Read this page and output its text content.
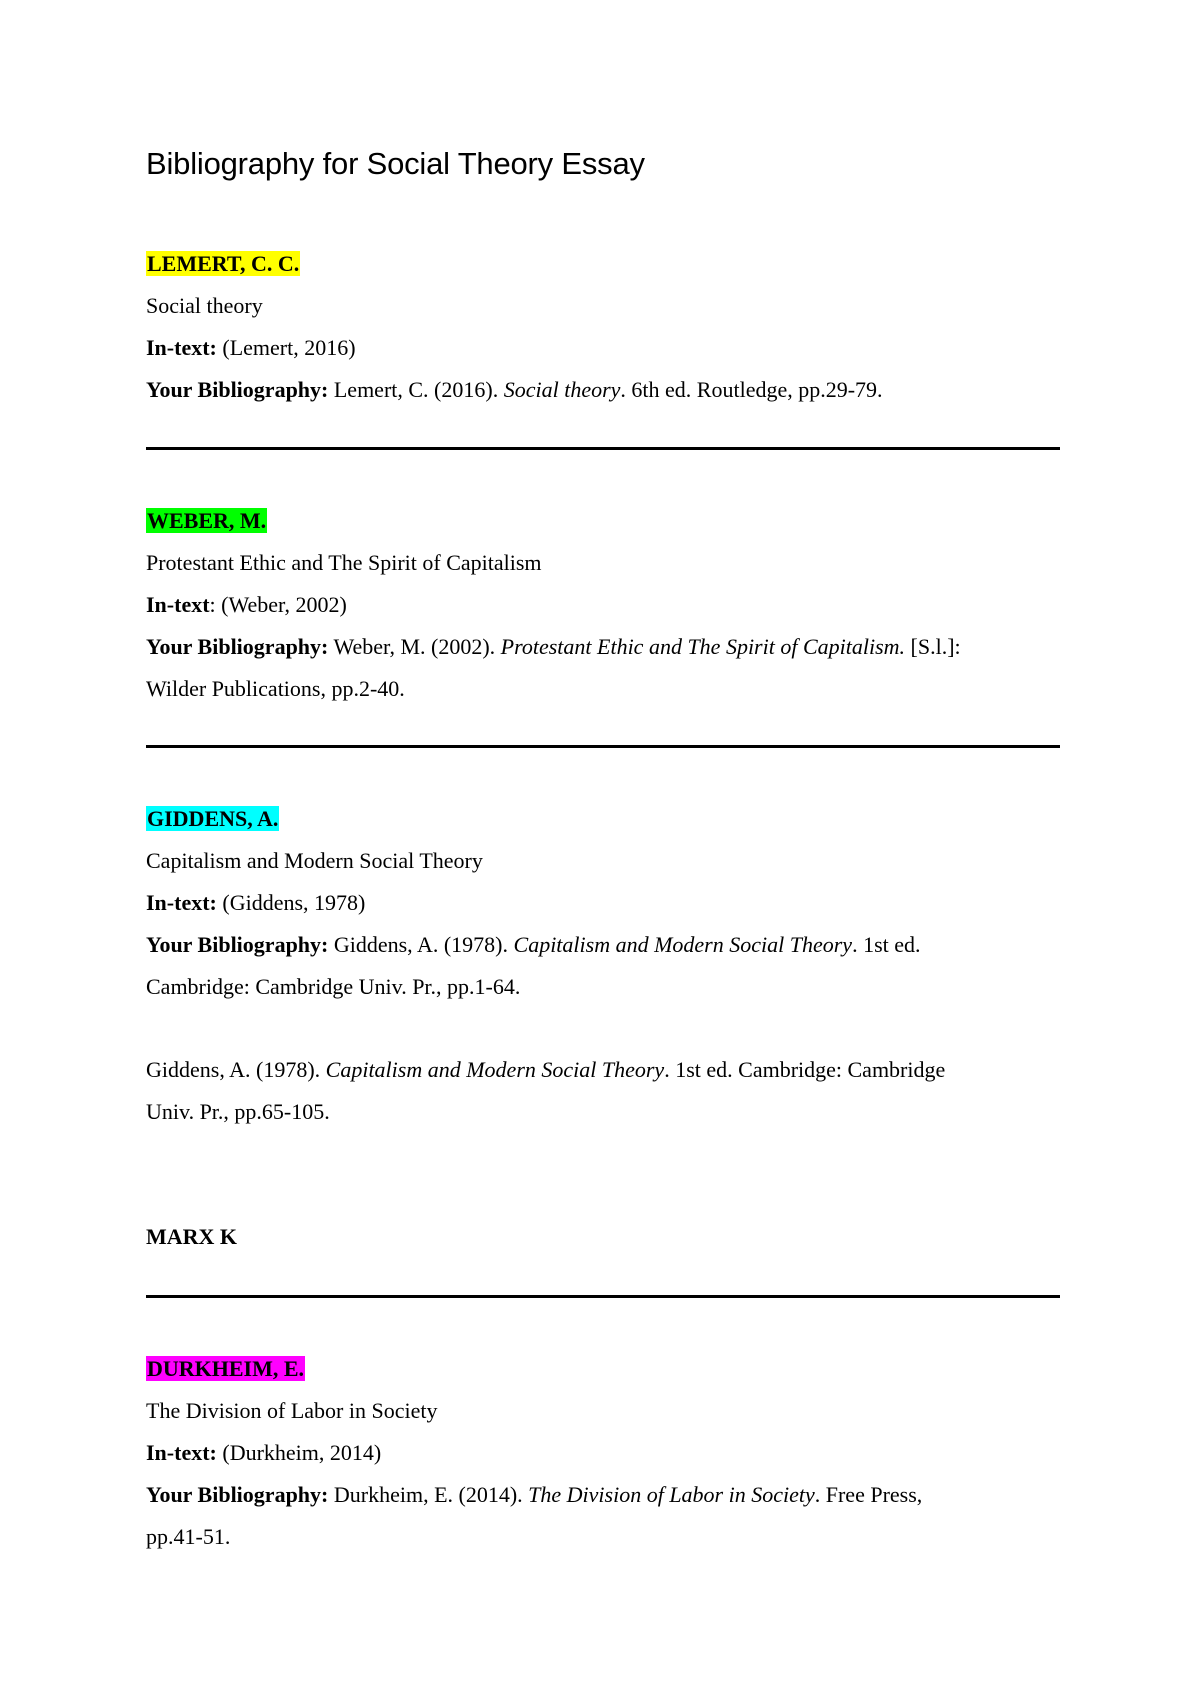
Bibliography for Social Theory Essay
LEMERT, C. C.
Social theory
In-text: (Lemert, 2016)
Your Bibliography: Lemert, C. (2016). Social theory. 6th ed. Routledge, pp.29-79.
WEBER, M.
Protestant Ethic and The Spirit of Capitalism
In-text: (Weber, 2002)
Your Bibliography: Weber, M. (2002). Protestant Ethic and The Spirit of Capitalism. [S.l.]:
Wilder Publications, pp.2-40.
GIDDENS, A.
Capitalism and Modern Social Theory
In-text: (Giddens, 1978)
Your Bibliography: Giddens, A. (1978). Capitalism and Modern Social Theory. 1st ed.
Cambridge: Cambridge Univ. Pr., pp.1-64.
Giddens, A. (1978). Capitalism and Modern Social Theory. 1st ed. Cambridge: Cambridge
Univ. Pr., pp.65-105.
MARX K
DURKHEIM, E.
The Division of Labor in Society
In-text: (Durkheim, 2014)
Your Bibliography: Durkheim, E. (2014). The Division of Labor in Society. Free Press,
pp.41-51.
